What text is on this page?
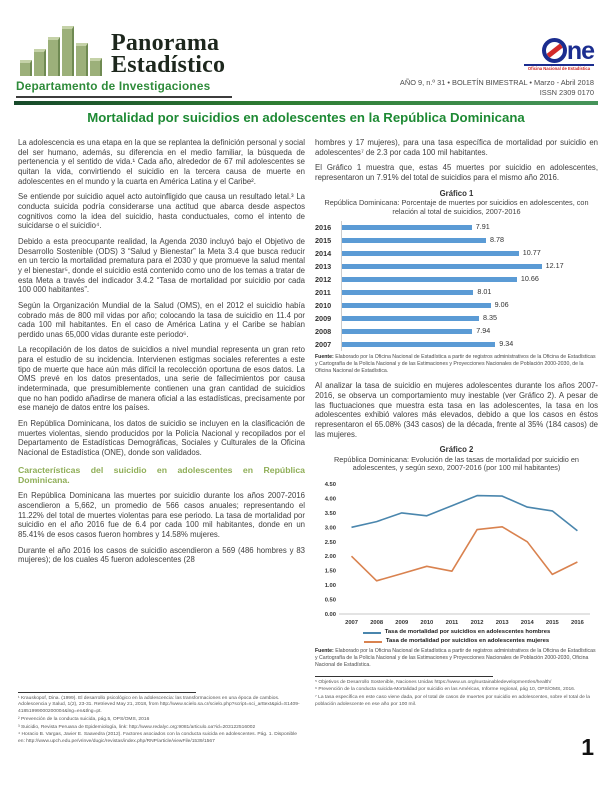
Panorama
Estadístico
Departamento de Investigaciones
ne
Oficina Nacional de Estadística
AÑO 9, n.º 31 • BOLETÍN BIMESTRAL • Marzo - Abril 2018
ISSN 2309 0170
Mortalidad por suicidios en adolescentes en la República Dominicana

La adolescencia es una etapa en la que se replantea la definición personal y social del ser humano, además, su diferencia en el medio familiar, la búsqueda de pertenencia y el sentido de vida.¹ Cada año, alrededor de 67 mil adolescentes se quitan la vida, convirtiendo el suicidio en la tercera causa de muerte en adolescentes en el mundo y la cuarta en América Latina y el Caribe².

Se entiende por suicidio aquel acto autoinfligido que causa un resultado letal.³ La conducta suicida podría considerarse una actitud que abarca desde aspectos cognitivos como la idea del suicidio, hasta conductuales, como el intento de suicidarse o el suicidio⁴.

Debido a esta preocupante realidad, la Agenda 2030 incluyó bajo el Objetivo de Desarrollo Sostenible (ODS) 3 “Salud y Bienestar” la Meta 3.4 que busca reducir en un tercio la mortalidad prematura para el 2030 y que promueve la salud mental y el bienestar⁵, donde el suicidio está contenido como uno de los temas a tratar de esta Meta a través del indicador 3.4.2 “Tasa de mortalidad por suicidio por cada 100 000 habitantes”.

Según la Organización Mundial de la Salud (OMS), en el 2012 el suicidio había cobrado más de 800 mil vidas por año; colocando la tasa de suicidio en 11.4 por cada 100 mil habitantes. En el caso de América Latina y el Caribe se habían perdido unas 65,000 vidas durante este periodo⁶.

La recopilación de los datos de suicidios a nivel mundial representa un gran reto para el estudio de su incidencia. Intervienen estigmas sociales referentes a este tipo de muerte que hace aún más difícil la recolección oportuna de esos datos. La OMS prevé en los datos presentados, una serie de fallecimientos por causa indeterminada, que presumiblemente contienen una gran cantidad de suicidios que no han podido añadirse de manera oficial a las estadísticas, precisamente por ese manejo de datos entre los países.

En República Dominicana, los datos de suicidio se incluyen en la clasificación de muertes violentas, siendo producidos por la Policía Nacional y recopilados por el Departamento de Estadísticas Demográficas, Sociales y Culturales de la Oficina Nacional de Estadística (ONE), donde son validados.

Características del suicidio en adolescentes en República Dominicana.

En República Dominicana las muertes por suicidio durante los años 2007-2016 ascendieron a 5,662, un promedio de 566 casos anuales; representando el 11.22% del total de muertes violentas para ese periodo. La tasa de mortalidad por suicidio en el año 2016 fue de 6.4 por cada 100 mil habitantes, donde en un 85.41% de esos casos fueron hombres y 14.58% mujeres.

Durante el año 2016 los casos de suicidio ascendieron a 569 (486 hombres y 83 mujeres); de los cuales 45 fueron adolescentes (28

¹ Krauskopof, Dina. (1999). El desarrollo psicológico en la adolescencia: las transformaciones en una época de cambios. Adolescencia y Salud, 1(2), 23-31. Retrieved May 21, 2018, from http://www.scielo.sa.cr/scielo.php?script=sci_arttext&pid=S1409-41851999000200004&lng=en&tlng=pt.

² Prevención de la conducta suicida, pág.5, OPS/OMS, 2016

³ Suicidio, Revista Peruana de Epidemiología, link: http://www.redalyc.org:9081/articulo.oa?id=203122516002

⁴ Horacio B. Vargas, Javier E. Saavedra (2012). Factores asociados con la conducta suicida en adolescentes. Pág. 1. Disponible en: http://www.upch.edu.pe/vrinve/dugic/revistas/index.php/RNP/article/viewFile/1539/1567

hombres y 17 mujeres), para una tasa específica de mortalidad por suicidio en adolescentes⁷ de 2.3 por cada 100 mil habitantes.

El Gráfico 1 muestra que, estas 45 muertes por suicidio en adolescentes, representaron un 7.91% del total de suicidios para el mismo año 2016.

Gráfico 1
República Dominicana: Porcentaje de muertes por suicidios en adolescentes, con relación al total de suicidios, 2007-2016
2016	7.91
2015	8.78
2014	10.77
2013	12.17
2012	10.66
2011	8.01
2010	9.06
2009	8.35
2008	7.94
2007	9.34
Fuente: Elaborado por la Oficina Nacional de Estadística a partir de registros administrativos de la Oficina de Estadísticas y Cartografía de la Policía Nacional y de las Estimaciones y Proyecciones Nacionales de Población 2000-2030, de la Oficina Nacional de Estadística.

Al analizar la tasa de suicidio en mujeres adolescentes durante los años 2007-2016, se observa un comportamiento muy inestable (ver Gráfico 2). A pesar de las fluctuaciones que muestra esta tasa en las adolescentes, la tasa en los adolescentes exhibió valores más elevados, debido a que los casos en éstos representaron el 65.08% (343 casos) de la década, frente al 35% (184 casos) de las mujeres.

Gráfico 2
República Dominicana: Evolución de las tasas de mortalidad por suicidio en adolescentes, y según sexo, 2007-2016 (por 100 mil habitantes)
0.00
0.50
1.00
1.50
2.00
2.50
3.00
3.50
4.00
4.50
2007 2008 2009 2010 2011 2012 2013 2014 2015 2016
Tasa de mortalidad por suicidios en adolescentes hombres
Tasa de mortalidad por suicidios en adolescentes mujeres
Fuente: Elaborado por la Oficina Nacional de Estadística a partir de registros administrativos de la Oficina de Estadísticas y Cartografía de la Policía Nacional y de las Estimaciones y Proyecciones Nacionales de Población 2000-2030, Oficina Nacional de Estadística.

⁵ Objetivos de Desarrollo Sostenible, Naciones Unidas https://www.un.org/sustainabledevelopment/es/health/

⁶ Prevención de la conducta suicida-Mortalidad por suicidio en las Américas, Informe regional, pág 10, OPS/OMS, 2016.

⁷ La tasa específica en este caso viene dada, por el total de casos de muertes por suicidio en adolescentes, sobre el total de la población adolescente en ese año por 100 mil.

1
